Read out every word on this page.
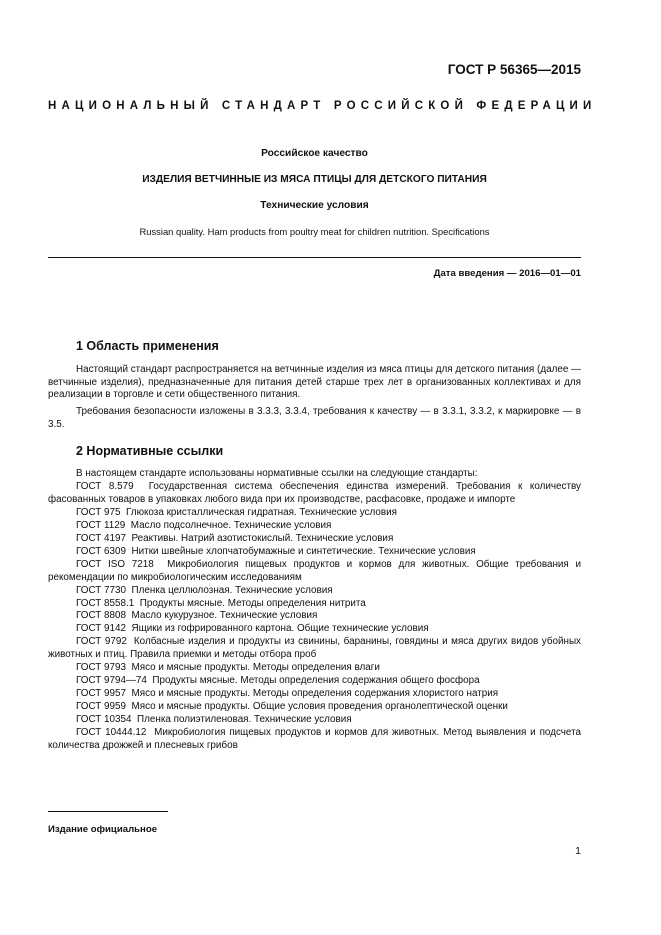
ГОСТ Р 56365—2015
НАЦИОНАЛЬНЫЙ СТАНДАРТ РОССИЙСКОЙ ФЕДЕРАЦИИ
Российское качество
ИЗДЕЛИЯ ВЕТЧИННЫЕ ИЗ МЯСА ПТИЦЫ ДЛЯ ДЕТСКОГО ПИТАНИЯ
Технические условия
Russian quality. Ham products from poultry meat for children nutrition. Specifications
Дата введения — 2016—01—01
1 Область применения
Настоящий стандарт распространяется на ветчинные изделия из мяса птицы для детского питания (далее — ветчинные изделия), предназначенные для питания детей старше трех лет в организованных коллективах и для реализации в торговле и сети общественного питания.
Требования безопасности изложены в 3.3.3, 3.3.4, требования к качеству — в 3.3.1, 3.3.2, к маркировке — в 3.5.
2 Нормативные ссылки
В настоящем стандарте использованы нормативные ссылки на следующие стандарты:
ГОСТ 8.579 Государственная система обеспечения единства измерений. Требования к количеству фасованных товаров в упаковках любого вида при их производстве, расфасовке, продаже и импорте
ГОСТ 975 Глюкоза кристаллическая гидратная. Технические условия
ГОСТ 1129 Масло подсолнечное. Технические условия
ГОСТ 4197 Реактивы. Натрий азотистокислый. Технические условия
ГОСТ 6309 Нитки швейные хлопчатобумажные и синтетические. Технические условия
ГОСТ ISO 7218 Микробиология пищевых продуктов и кормов для животных. Общие требования и рекомендации по микробиологическим исследованиям
ГОСТ 7730 Пленка целлюлозная. Технические условия
ГОСТ 8558.1 Продукты мясные. Методы определения нитрита
ГОСТ 8808 Масло кукурузное. Технические условия
ГОСТ 9142 Ящики из гофрированного картона. Общие технические условия
ГОСТ 9792 Колбасные изделия и продукты из свинины, баранины, говядины и мяса других видов убойных животных и птиц. Правила приемки и методы отбора проб
ГОСТ 9793 Мясо и мясные продукты. Методы определения влаги
ГОСТ 9794—74 Продукты мясные. Методы определения содержания общего фосфора
ГОСТ 9957 Мясо и мясные продукты. Методы определения содержания хлористого натрия
ГОСТ 9959 Мясо и мясные продукты. Общие условия проведения органолептической оценки
ГОСТ 10354 Пленка полиэтиленовая. Технические условия
ГОСТ 10444.12 Микробиология пищевых продуктов и кормов для животных. Метод выявления и подсчета количества дрожжей и плесневых грибов
Издание официальное
1
